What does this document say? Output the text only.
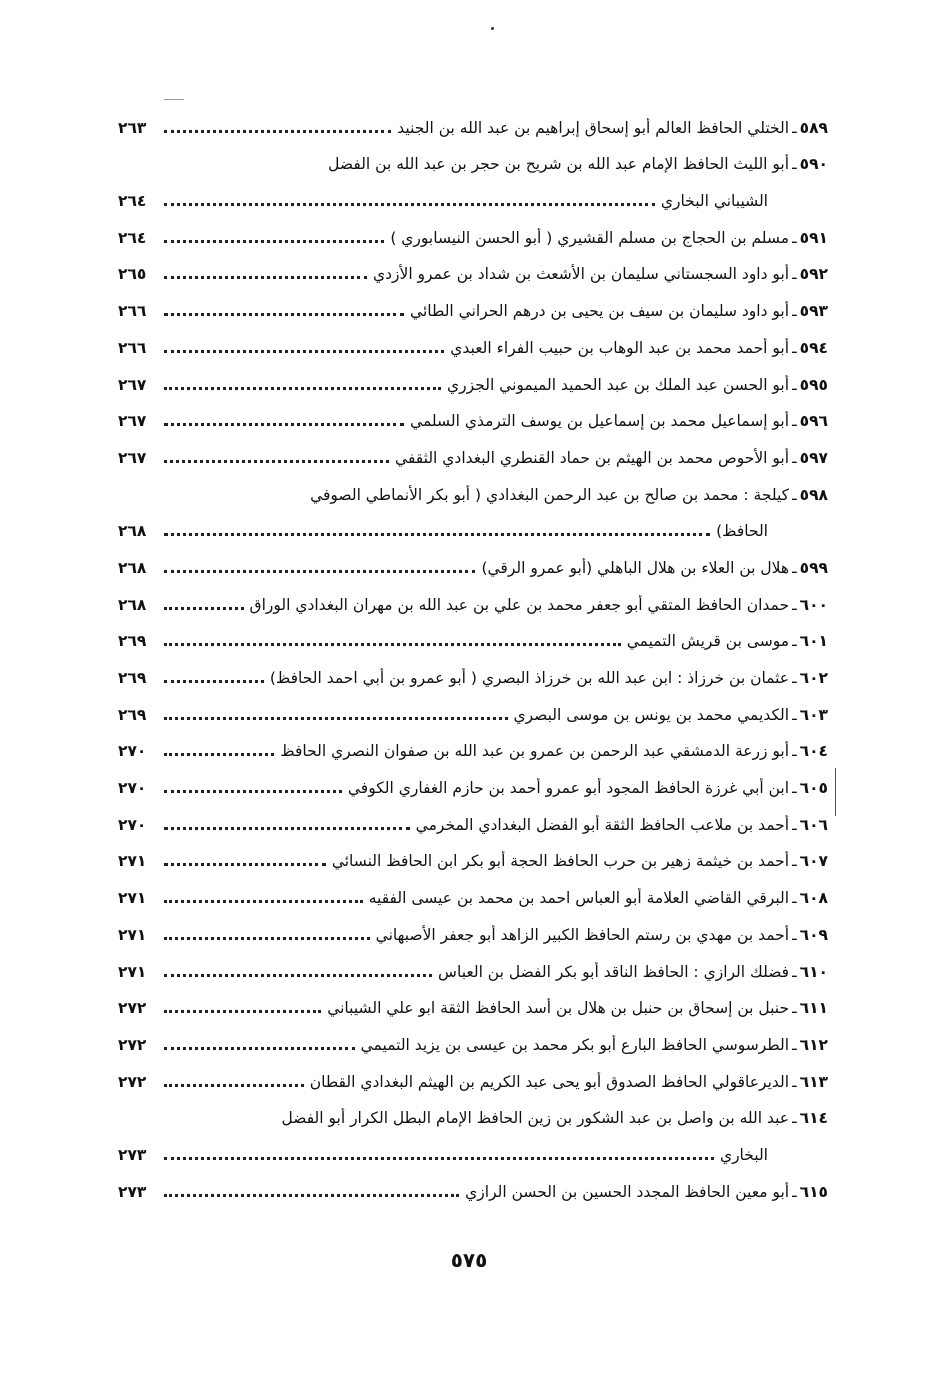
٥٨٩
ـ
الختلي الحافظ العالم أبو إسحاق إبراهيم بن عبد الله بن الجنيد
٢٦٣
٥٩٠
ـ
أبو الليث الحافظ الإمام عبد الله بن شريح بن حجر بن عبد الله بن الفضل
الشيباني البخاري
٢٦٤
٥٩١
ـ
مسلم بن الحجاج بن مسلم القشيري ( أبو الحسن النيسابوري )
٢٦٤
٥٩٢
ـ
أبو داود السجستاني سليمان بن الأشعث بن شداد بن عمرو الأزدي
٢٦٥
٥٩٣
ـ
أبو داود سليمان بن سيف بن يحيى بن درهم الحراني الطائي
٢٦٦
٥٩٤
ـ
أبو أحمد محمد بن عبد الوهاب بن حبيب الفراء العبدي
٢٦٦
٥٩٥
ـ
أبو الحسن عبد الملك بن عبد الحميد الميموني الجزري
٢٦٧
٥٩٦
ـ
أبو إسماعيل محمد بن إسماعيل بن يوسف الترمذي السلمي
٢٦٧
٥٩٧
ـ
أبو الأحوص محمد بن الهيثم بن حماد القنطري البغدادي الثقفي
٢٦٧
٥٩٨
ـ
كيلجة : محمد بن صالح بن عبد الرحمن البغدادي ( أبو بكر الأنماطي الصوفي
الحافظ)
٢٦٨
٥٩٩
ـ
هلال بن العلاء بن هلال الباهلي (أبو عمرو الرقي)
٢٦٨
٦٠٠
ـ
حمدان الحافظ المتقي أبو جعفر محمد بن علي بن عبد الله بن مهران البغدادي الوراق
٢٦٨
٦٠١
ـ
موسى بن قريش التميمي
٢٦٩
٦٠٢
ـ
عثمان بن خرزاذ : ابن عبد الله بن خرزاذ البصري ( أبو عمرو بن أبي احمد الحافظ)
٢٦٩
٦٠٣
ـ
الكديمي محمد بن يونس بن موسى البصري
٢٦٩
٦٠٤
ـ
أبو زرعة الدمشقي عبد الرحمن بن عمرو بن عبد الله بن صفوان النصري الحافظ
٢٧٠
٦٠٥
ـ
ابن أبي غرزة الحافظ المجود أبو عمرو أحمد بن حازم الغفاري الكوفي
٢٧٠
٦٠٦
ـ
أحمد بن ملاعب الحافظ الثقة أبو الفضل البغدادي المخرمي
٢٧٠
٦٠٧
ـ
أحمد بن خيثمة زهير بن حرب الحافظ الحجة أبو بكر ابن الحافظ النسائي
٢٧١
٦٠٨
ـ
البرقي القاضي العلامة أبو العباس احمد بن محمد بن عيسى الفقيه
٢٧١
٦٠٩
ـ
أحمد بن مهدي بن رستم الحافظ الكبير الزاهد أبو جعفر الأصبهاني
٢٧١
٦١٠
ـ
فضلك الرازي : الحافظ الناقد أبو بكر الفضل بن العباس
٢٧١
٦١١
ـ
حنبل بن إسحاق بن حنبل بن هلال بن أسد الحافظ الثقة ابو علي الشيباني
٢٧٢
٦١٢
ـ
الطرسوسي الحافظ البارع أبو بكر محمد بن عيسى بن يزيد التميمي
٢٧٢
٦١٣
ـ
الديرعاقولي الحافظ الصدوق أبو يحى عبد الكريم بن الهيثم البغدادي القطان
٢٧٢
٦١٤
ـ
عبد الله بن واصل بن عبد الشكور بن زين الحافظ الإمام البطل الكرار أبو الفضل
البخاري
٢٧٣
٦١٥
ـ
أبو معين الحافظ المجدد الحسين بن الحسن الرازي
٢٧٣
٥٧٥
